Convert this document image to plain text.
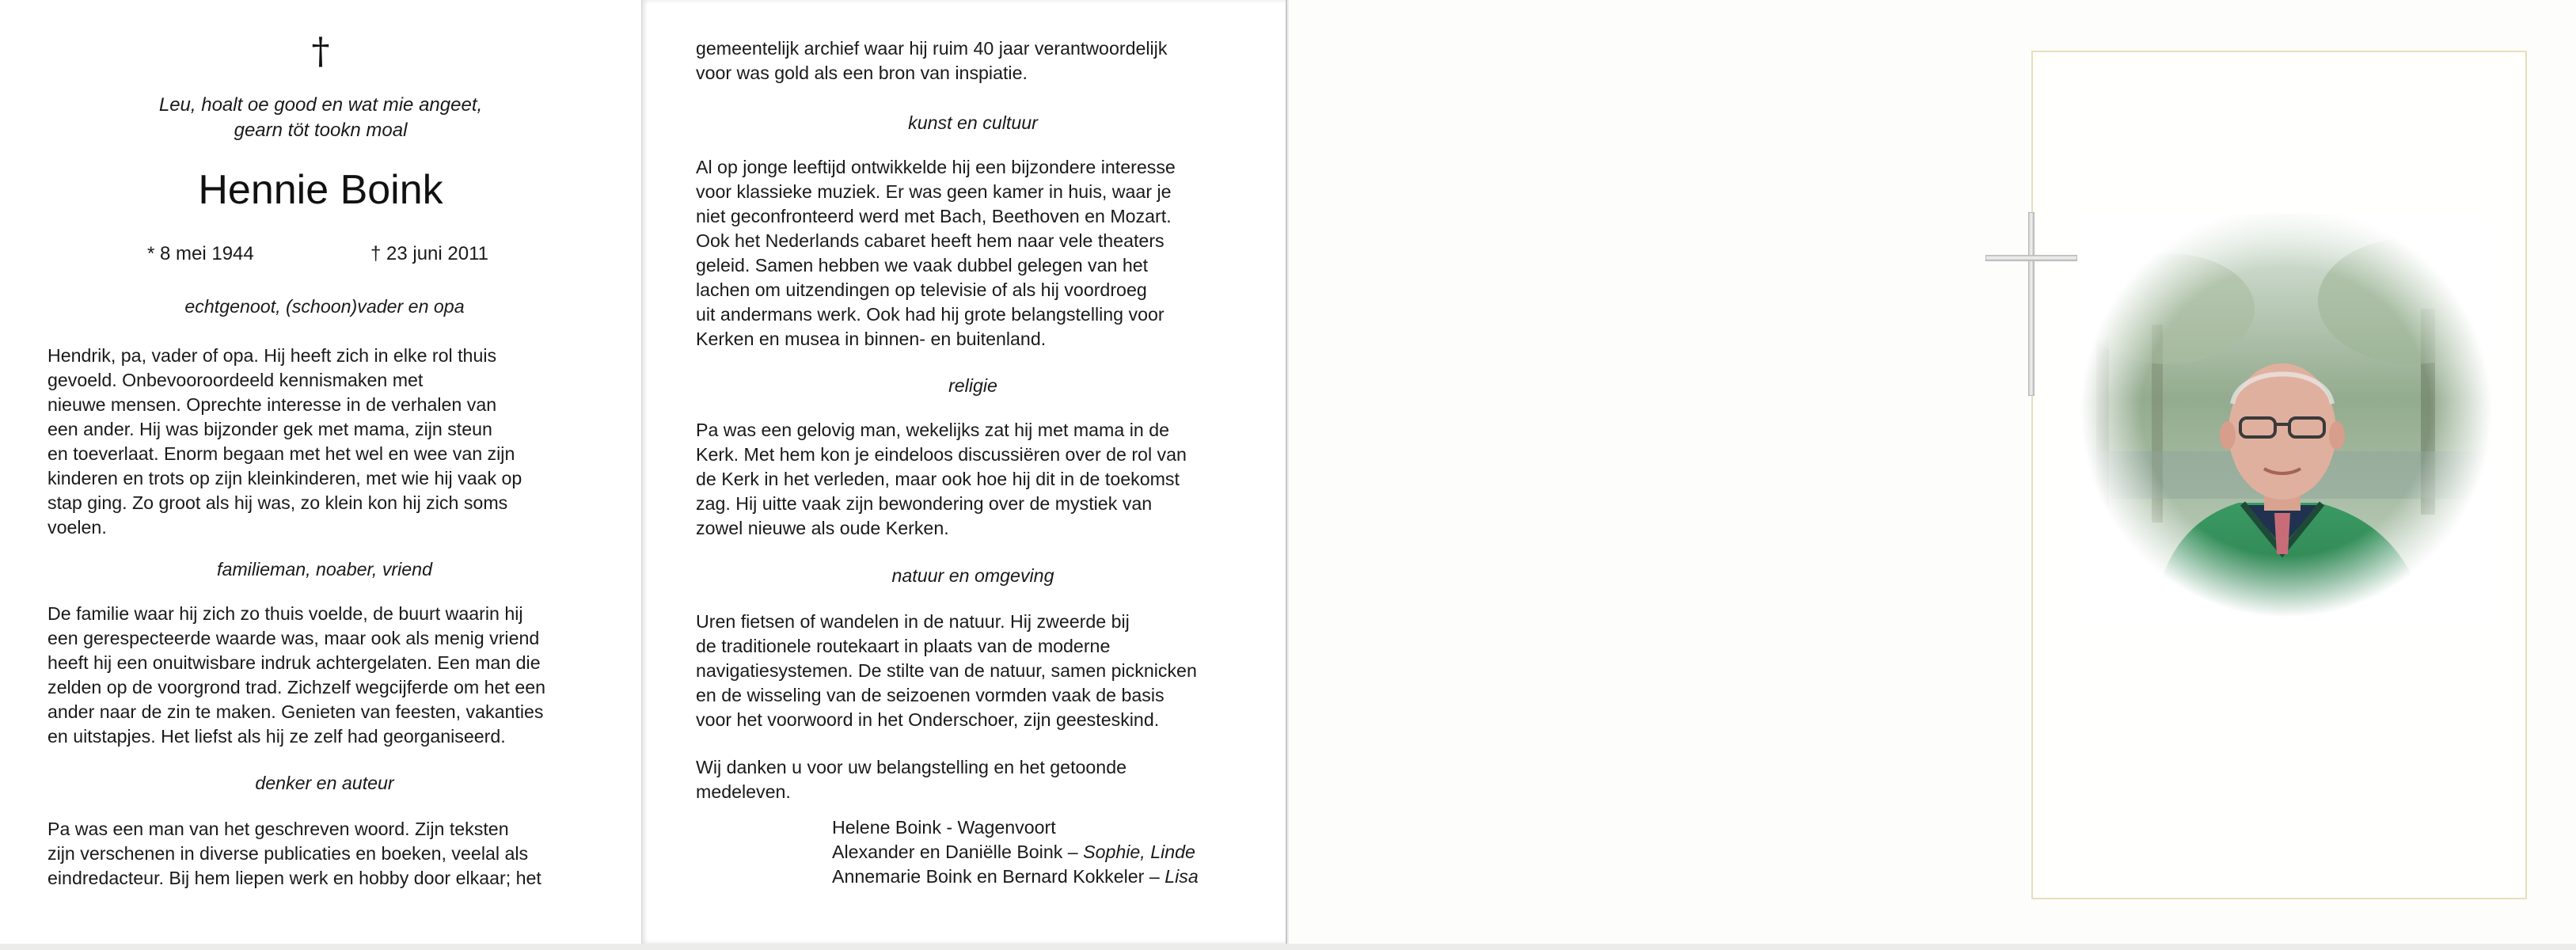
†
Leu, hoalt oe good en wat mie angeet,
gearn töt tookn moal
Hennie Boink
* 8 mei 1944	† 23 juni 2011
echtgenoot, (schoon)vader en opa
Hendrik, pa, vader of opa. Hij heeft zich in elke rol thuis
gevoeld. Onbevooroordeeld kennismaken met
nieuwe mensen. Oprechte interesse in de verhalen van
een ander. Hij was bijzonder gek met mama, zijn steun
en toeverlaat. Enorm begaan met het wel en wee van zijn
kinderen en trots op zijn kleinkinderen, met wie hij vaak op
stap ging. Zo groot als hij was, zo klein kon hij zich soms
voelen.
familieman, noaber, vriend
De familie waar hij zich zo thuis voelde, de buurt waarin hij
een gerespecteerde waarde was, maar ook als menig vriend
heeft hij een onuitwisbare indruk achtergelaten. Een man die
zelden op de voorgrond trad. Zichzelf wegcijferde om het een
ander naar de zin te maken. Genieten van feesten, vakanties
en uitstapjes. Het liefst als hij ze zelf had georganiseerd.
denker en auteur
Pa was een man van het geschreven woord. Zijn teksten
zijn verschenen in diverse publicaties en boeken, veelal als
eindredacteur. Bij hem liepen werk en hobby door elkaar; het
gemeentelijk archief waar hij ruim 40 jaar verantwoordelijk
voor was gold als een bron van inspiatie.
kunst en cultuur
Al op jonge leeftijd ontwikkelde hij een bijzondere interesse
voor klassieke muziek. Er was geen kamer in huis, waar je
niet geconfronteerd werd met Bach, Beethoven en Mozart.
Ook het Nederlands cabaret heeft hem naar vele theaters
geleid. Samen hebben we vaak dubbel gelegen van het
lachen om uitzendingen op televisie of als hij voordroeg
uit andermans werk. Ook had hij grote belangstelling voor
Kerken en musea in binnen- en buitenland.
religie
Pa was een gelovig man, wekelijks zat hij met mama in de
Kerk. Met hem kon je eindeloos discussiëren over de rol van
de Kerk in het verleden, maar ook hoe hij dit in de toekomst
zag. Hij uitte vaak zijn bewondering over de mystiek van
zowel nieuwe als oude Kerken.
natuur en omgeving
Uren fietsen of wandelen in de natuur. Hij zweerde bij
de traditionele routekaart in plaats van de moderne
navigatiesystemen. De stilte van de natuur, samen picknicken
en de wisseling van de seizoenen vormden vaak de basis
voor het voorwoord in het Onderschoer, zijn geesteskind.
Wij danken u voor uw belangstelling en het getoonde
medeleven.
Helene Boink - Wagenvoort
Alexander en Daniëlle Boink – Sophie, Linde
Annemarie Boink en Bernard Kokkeler – Lisa
